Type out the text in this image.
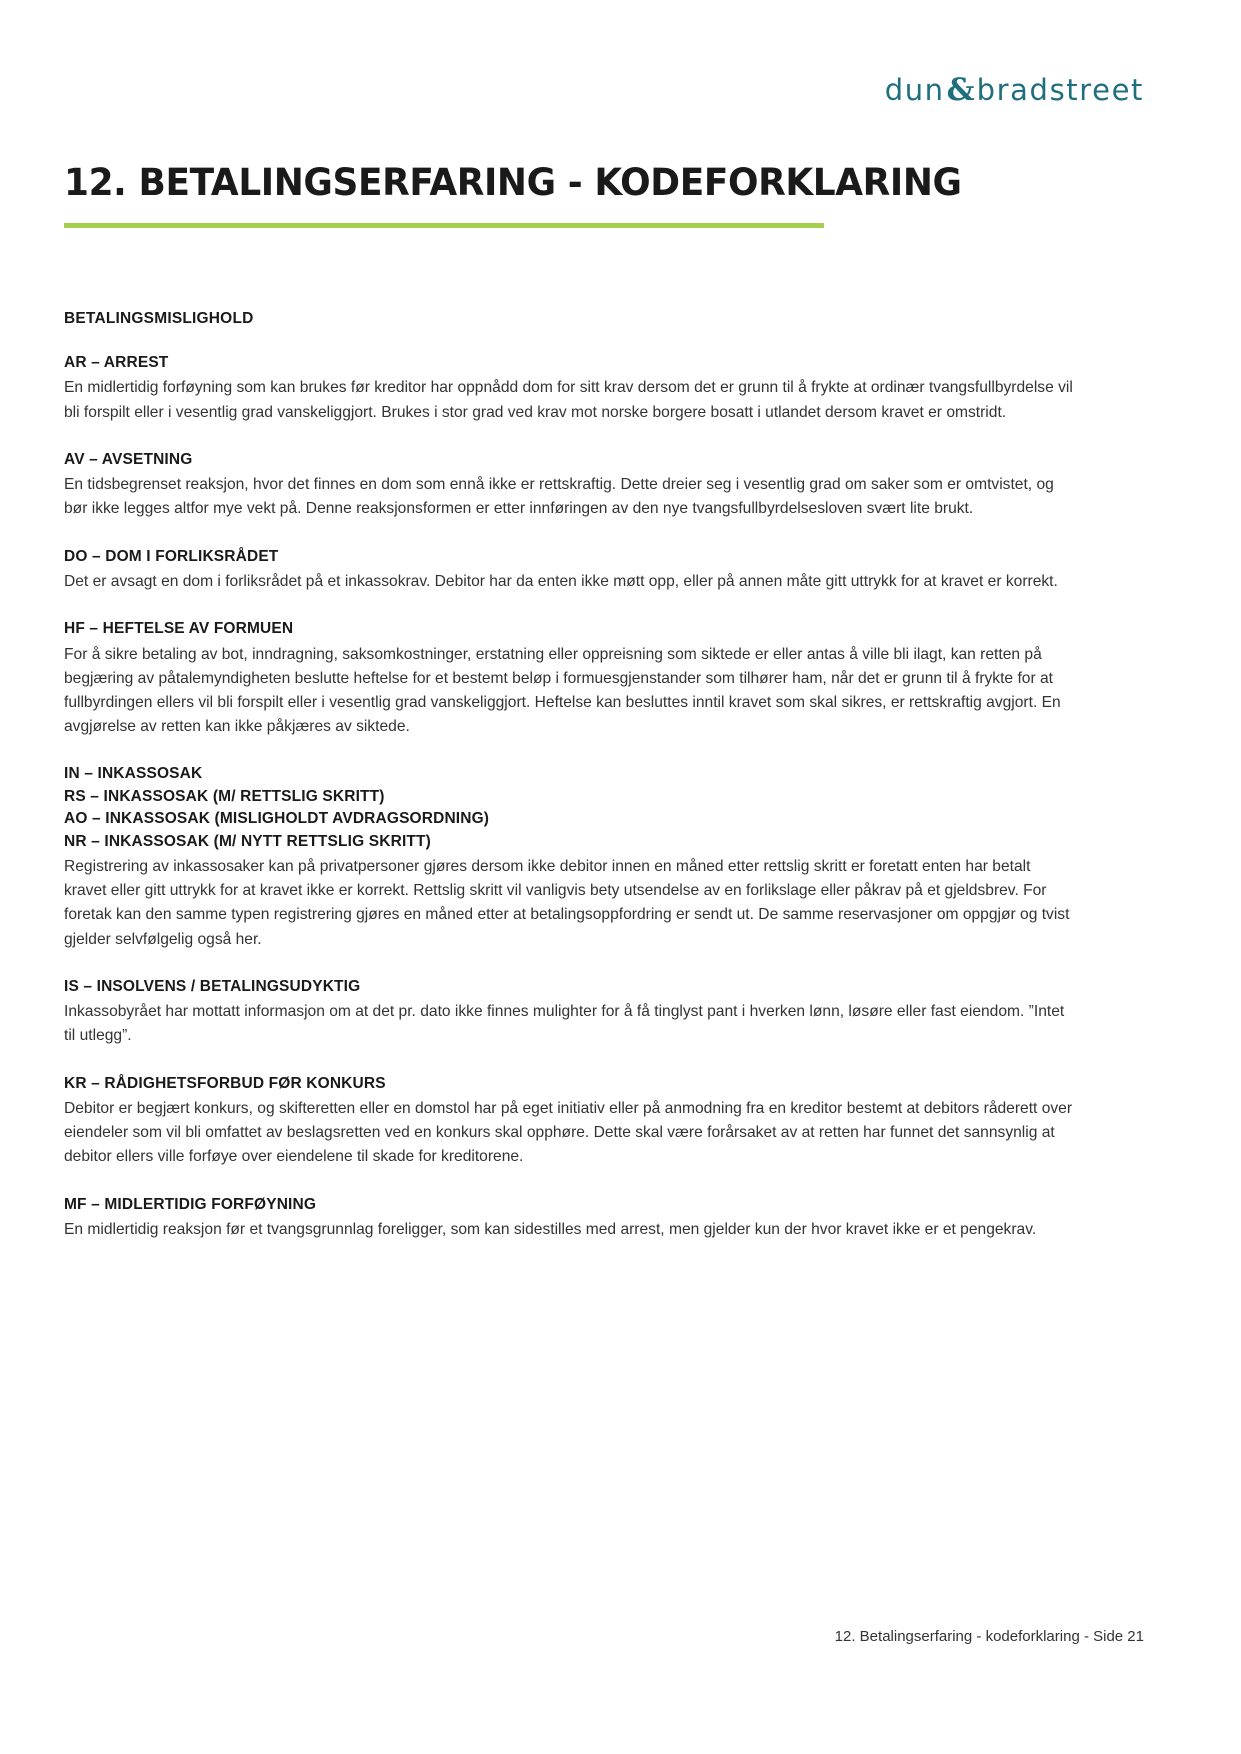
dun & bradstreet
12. BETALINGSERFARING - KODEFORKLARING
BETALINGSMISLIGHOLD

AR – ARREST

En midlertidig forføyning som kan brukes før kreditor har oppnådd dom for sitt krav dersom det er grunn til å frykte at ordinær tvangsfullbyrdelse vil bli forspilt eller i vesentlig grad vanskeliggjort. Brukes i stor grad ved krav mot norske borgere bosatt i utlandet dersom kravet er omstridt.

AV – AVSETNING

En tidsbegrenset reaksjon, hvor det finnes en dom som ennå ikke er rettskraftig. Dette dreier seg i vesentlig grad om saker som er omtvistet, og bør ikke legges altfor mye vekt på. Denne reaksjonsformen er etter innføringen av den nye tvangsfullbyrdelsesloven svært lite brukt.

DO – DOM I FORLIKSRÅDET

Det er avsagt en dom i forliksrådet på et inkassokrav. Debitor har da enten ikke møtt opp, eller på annen måte gitt uttrykk for at kravet er korrekt.

HF – HEFTELSE AV FORMUEN

For å sikre betaling av bot, inndragning, saksomkostninger, erstatning eller oppreisning som siktede er eller antas å ville bli ilagt, kan retten på begjæring av påtalemyndigheten beslutte heftelse for et bestemt beløp i formuesgjenstander som tilhører ham, når det er grunn til å frykte for at fullbyrdingen ellers vil bli forspilt eller i vesentlig grad vanskeliggjort. Heftelse kan besluttes inntil kravet som skal sikres, er rettskraftig avgjort. En avgjørelse av retten kan ikke påkjæres av siktede.

IN – INKASSOSAK

RS – INKASSOSAK (M/ RETTSLIG SKRITT)

AO – INKASSOSAK (MISLIGHOLDT AVDRAGSORDNING)

NR – INKASSOSAK (M/ NYTT RETTSLIG SKRITT)

Registrering av inkassosaker kan på privatpersoner gjøres dersom ikke debitor innen en måned etter rettslig skritt er foretatt enten har betalt kravet eller gitt uttrykk for at kravet ikke er korrekt. Rettslig skritt vil vanligvis bety utsendelse av en forlikslage eller påkrav på et gjeldsbrev. For foretak kan den samme typen registrering gjøres en måned etter at betalingsoppfordring er sendt ut. De samme reservasjoner om oppgjør og tvist gjelder selvfølgelig også her.

IS – INSOLVENS / BETALINGSUDYKTIG

Inkassobyrået har mottatt informasjon om at det pr. dato ikke finnes mulighter for å få tinglyst pant i hverken lønn, løsøre eller fast eiendom. ”Intet til utlegg”.

KR – RÅDIGHETSFORBUD FØR KONKURS

Debitor er begjært konkurs, og skifteretten eller en domstol har på eget initiativ eller på anmodning fra en kreditor bestemt at debitors råderett over eiendeler som vil bli omfattet av beslagsretten ved en konkurs skal opphøre. Dette skal være forårsaket av at retten har funnet det sannsynlig at debitor ellers ville forføye over eiendelene til skade for kreditorene.

MF – MIDLERTIDIG FORFØYNING

En midlertidig reaksjon før et tvangsgrunnlag foreligger, som kan sidestilles med arrest, men gjelder kun der hvor kravet ikke er et pengekrav.

12. Betalingserfaring - kodeforklaring - Side 21
